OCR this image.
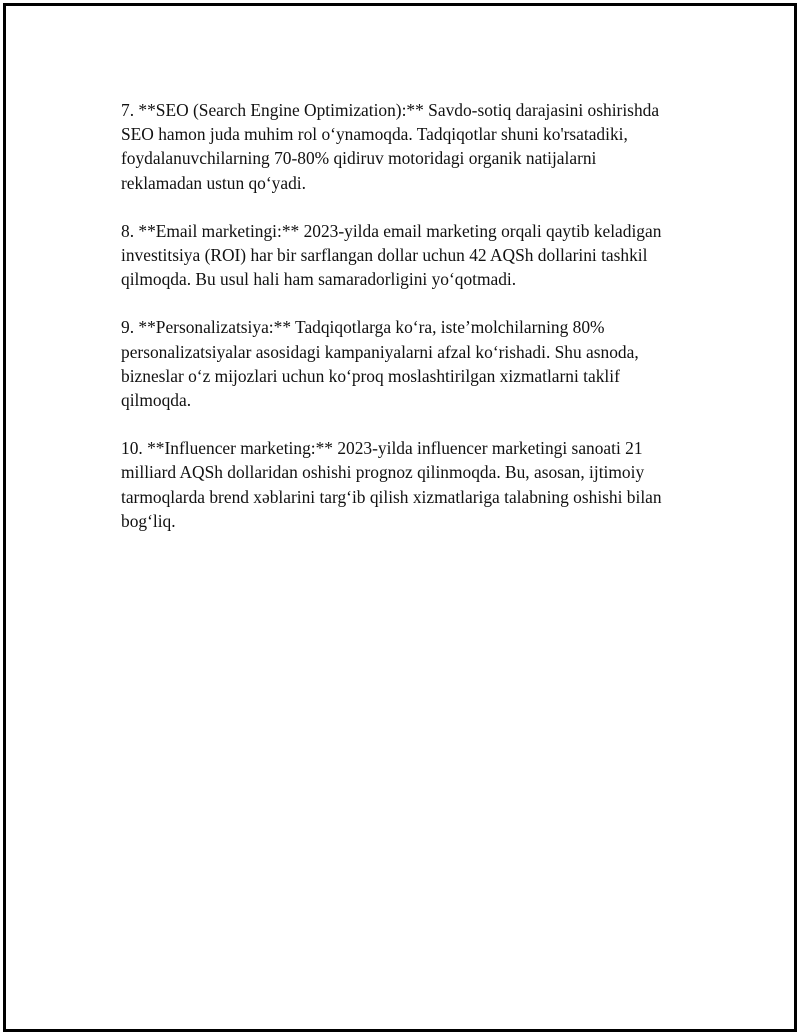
7. **SEO (Search Engine Optimization):** Savdo-sotiq darajasini oshirishda SEO hamon juda muhim rol o‘ynamoqda. Tadqiqotlar shuni ko'rsatadiki, foydalanuvchilarning 70-80% qidiruv motoridagi organik natijalarni reklamadan ustun qo‘yadi.

8. **Email marketingi:** 2023-yilda email marketing orqali qaytib keladigan investitsiya (ROI) har bir sarflangan dollar uchun 42 AQSh dollarini tashkil qilmoqda. Bu usul hali ham samaradorligini yo‘qotmadi.

9. **Personalizatsiya:** Tadqiqotlarga ko‘ra, iste’molchilarning 80% personalizatsiyalar asosidagi kampaniyalarni afzal ko‘rishadi. Shu asnoda, bizneslar o‘z mijozlari uchun ko‘proq moslashtirilgan xizmatlarni taklif qilmoqda.

10. **Influencer marketing:** 2023-yilda influencer marketingi sanoati 21 milliard AQSh dollaridan oshishi prognoz qilinmoqda. Bu, asosan, ijtimoiy tarmoqlarda brend xəblarini targ‘ib qilish xizmatlariga talabning oshishi bilan bog‘liq.
